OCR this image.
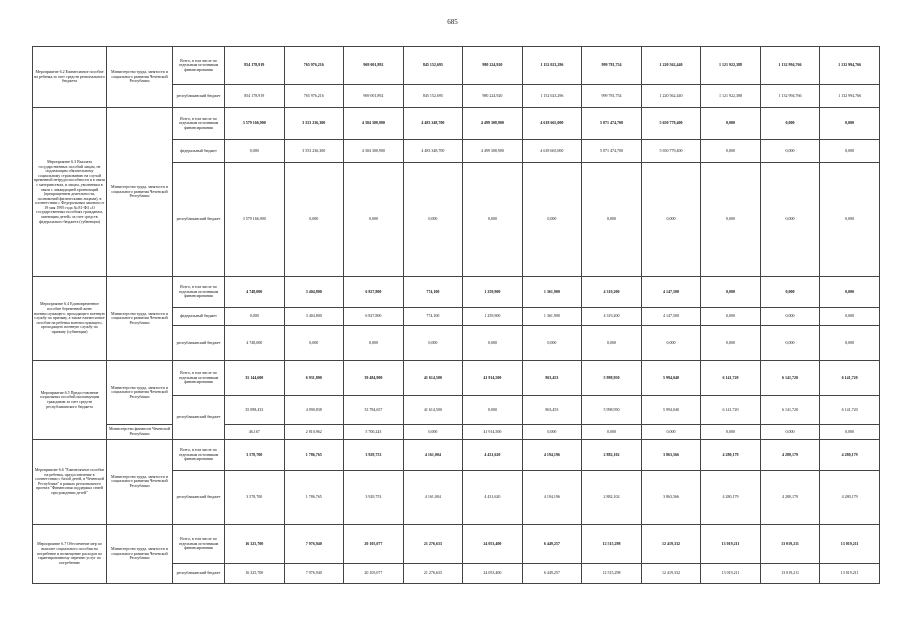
685
Мероприятие 6.2 Ежемесячное пособие на ребенка за счет средств регионального бюджета	Министерство труда, занятости и социального развития Чеченской Республики	Всего, в том числе по отдельным источникам финансирования	854 178,919	765 976,216	969 001,892	845 152,695	980 224,920	1 152 023,296	999 781,754	1 220 562,440	1 121 922,388	1 132 994,766	1 132 994,766
		республиканский бюджет	854 178,919	765 976,216	969 001,892	845 152,695	980 224,920	1 152 023,296	999 781,754	1 220 562,440	1 121 922,388	1 132 994,766	1 132 994,766
Мероприятие 6.3 Выплата государственных пособий лицам, не подлежащим обязательному социальному страхованию на случай временной нетрудоспособности и в связи с материнством, и лицам, уволенным в связи с ликвидацией организаций (прекращением деятельности, полномочий физическими лицами), в соответствии с Федеральным законом от 19 мая 1995 года № 81-ФЗ «О государственных пособиях гражданам, имеющим детей» за счет средств федерального бюджета (субвенции)	Министерство труда, занятости и социального развития Чеченской Республики	Всего, в том числе по отдельным источникам финансирования	3 579 166,900	3 553 236,300	4 304 300,900	4 483 348,700	4 499 308,900	4 618 665,000	5 071 474,700	5 650 779,400	0,000	0,000	0,000
		федеральный бюджет	0,000	3 553 236,300	4 304 300,900	4 483 348,700	4 499 308,900	4 618 665,000	5 071 474,700	5 650 779,400	0,000	0,000	0,000
		республиканский бюджет	3 579 166,900	0,000	0,000	0,000	0,000	0,000	0,000	0,000	0,000	0,000	0,000
Мероприятие 6.4 Единовременное пособие беременной жене военнослужащего, проходящего военную службу по призыву, а также ежемесячное пособие на ребенка военнослужащего, проходящего военную службу по призыву (субвенции)	Министерство труда, занятости и социального развития Чеченской Республики	Всего, в том числе по отдельным источникам финансирования	4 748,000	3 404,800	6 827,800	774,100	1 259,900	1 361,900	4 319,200	4 147,500	0,000	0,000	0,000
		федеральный бюджет	0,000	3 404,800	6 827,800	774,100	1 259,900	1 361,900	4 319,200	4 147,500	0,000	0,000	0,000
		республиканский бюджет	4 748,000	0,000	0,000	0,000	0,000	0,000	0,000	0,000	0,000	0,000	0,000
Мероприятие 6.5 Предоставление социальных пособий малоимущим гражданам за счет средств республиканского бюджета	Министерство труда, занятости и социального развития Чеченской Республики	Всего, в том числе по отдельным источникам финансирования	35 144,600	6 931,800	39 484,900	41 614,500	41 914,500	863,453	5 998,950	5 994,040	6 141,720	6 141,720	6 141,720
		республиканский бюджет	35 098,433	4 090,838	33 784,657	41 614,500	0,000	863,453	5 998,950	5 994,040	6 141,720	6 141,720	6 141,720
	Министерство финансов Чеченской Республики		46,167	2 810,962	5 700,243	0,000	41 914,500	0,000	0,000	0,000	0,000	0,000	0,000
Мероприятие 6.6 "Ежемесячное пособие на ребенка, предоставление в соответствии с базой детей, в Чеченской Республике" в рамках регионального проекта "Финансовая поддержка семей при рождении детей"	Министерство труда, занятости и социального развития Чеченской Республики	Всего, в том числе по отдельным источникам финансирования	3 578,700	1 786,765	3 929,753	4 161,004	4 431,620	4 194,196	2 882,102	3 863,566	4 280,179	4 280,179	4 280,179
		республиканский бюджет	3 578,700	1 786,765	3 929,753	4 161,004	4 431,620	4 194,196	2 882,102	3 863,566	4 280,179	4 280,179	4 280,179
Мероприятие 6.7 Обеспечение мер по выплате социального пособия на погребение и возмещение расходов по гарантированному перечню услуг по погребению	Министерство труда, занятости и социального развития Чеченской Республики	Всего, в том числе по отдельным источникам финансирования	16 325,700	7 976,940	20 105,077	21 276,633	24 053,400	6 449,257	12 515,298	12 419,332	13 019,211	13 019,211	13 019,211
		республиканский бюджет	16 325,700	7 976,940	20 105,077	21 276,633	24 053,400	6 449,257	12 515,298	12 419,332	13 019,211	13 019,211	13 019,211
